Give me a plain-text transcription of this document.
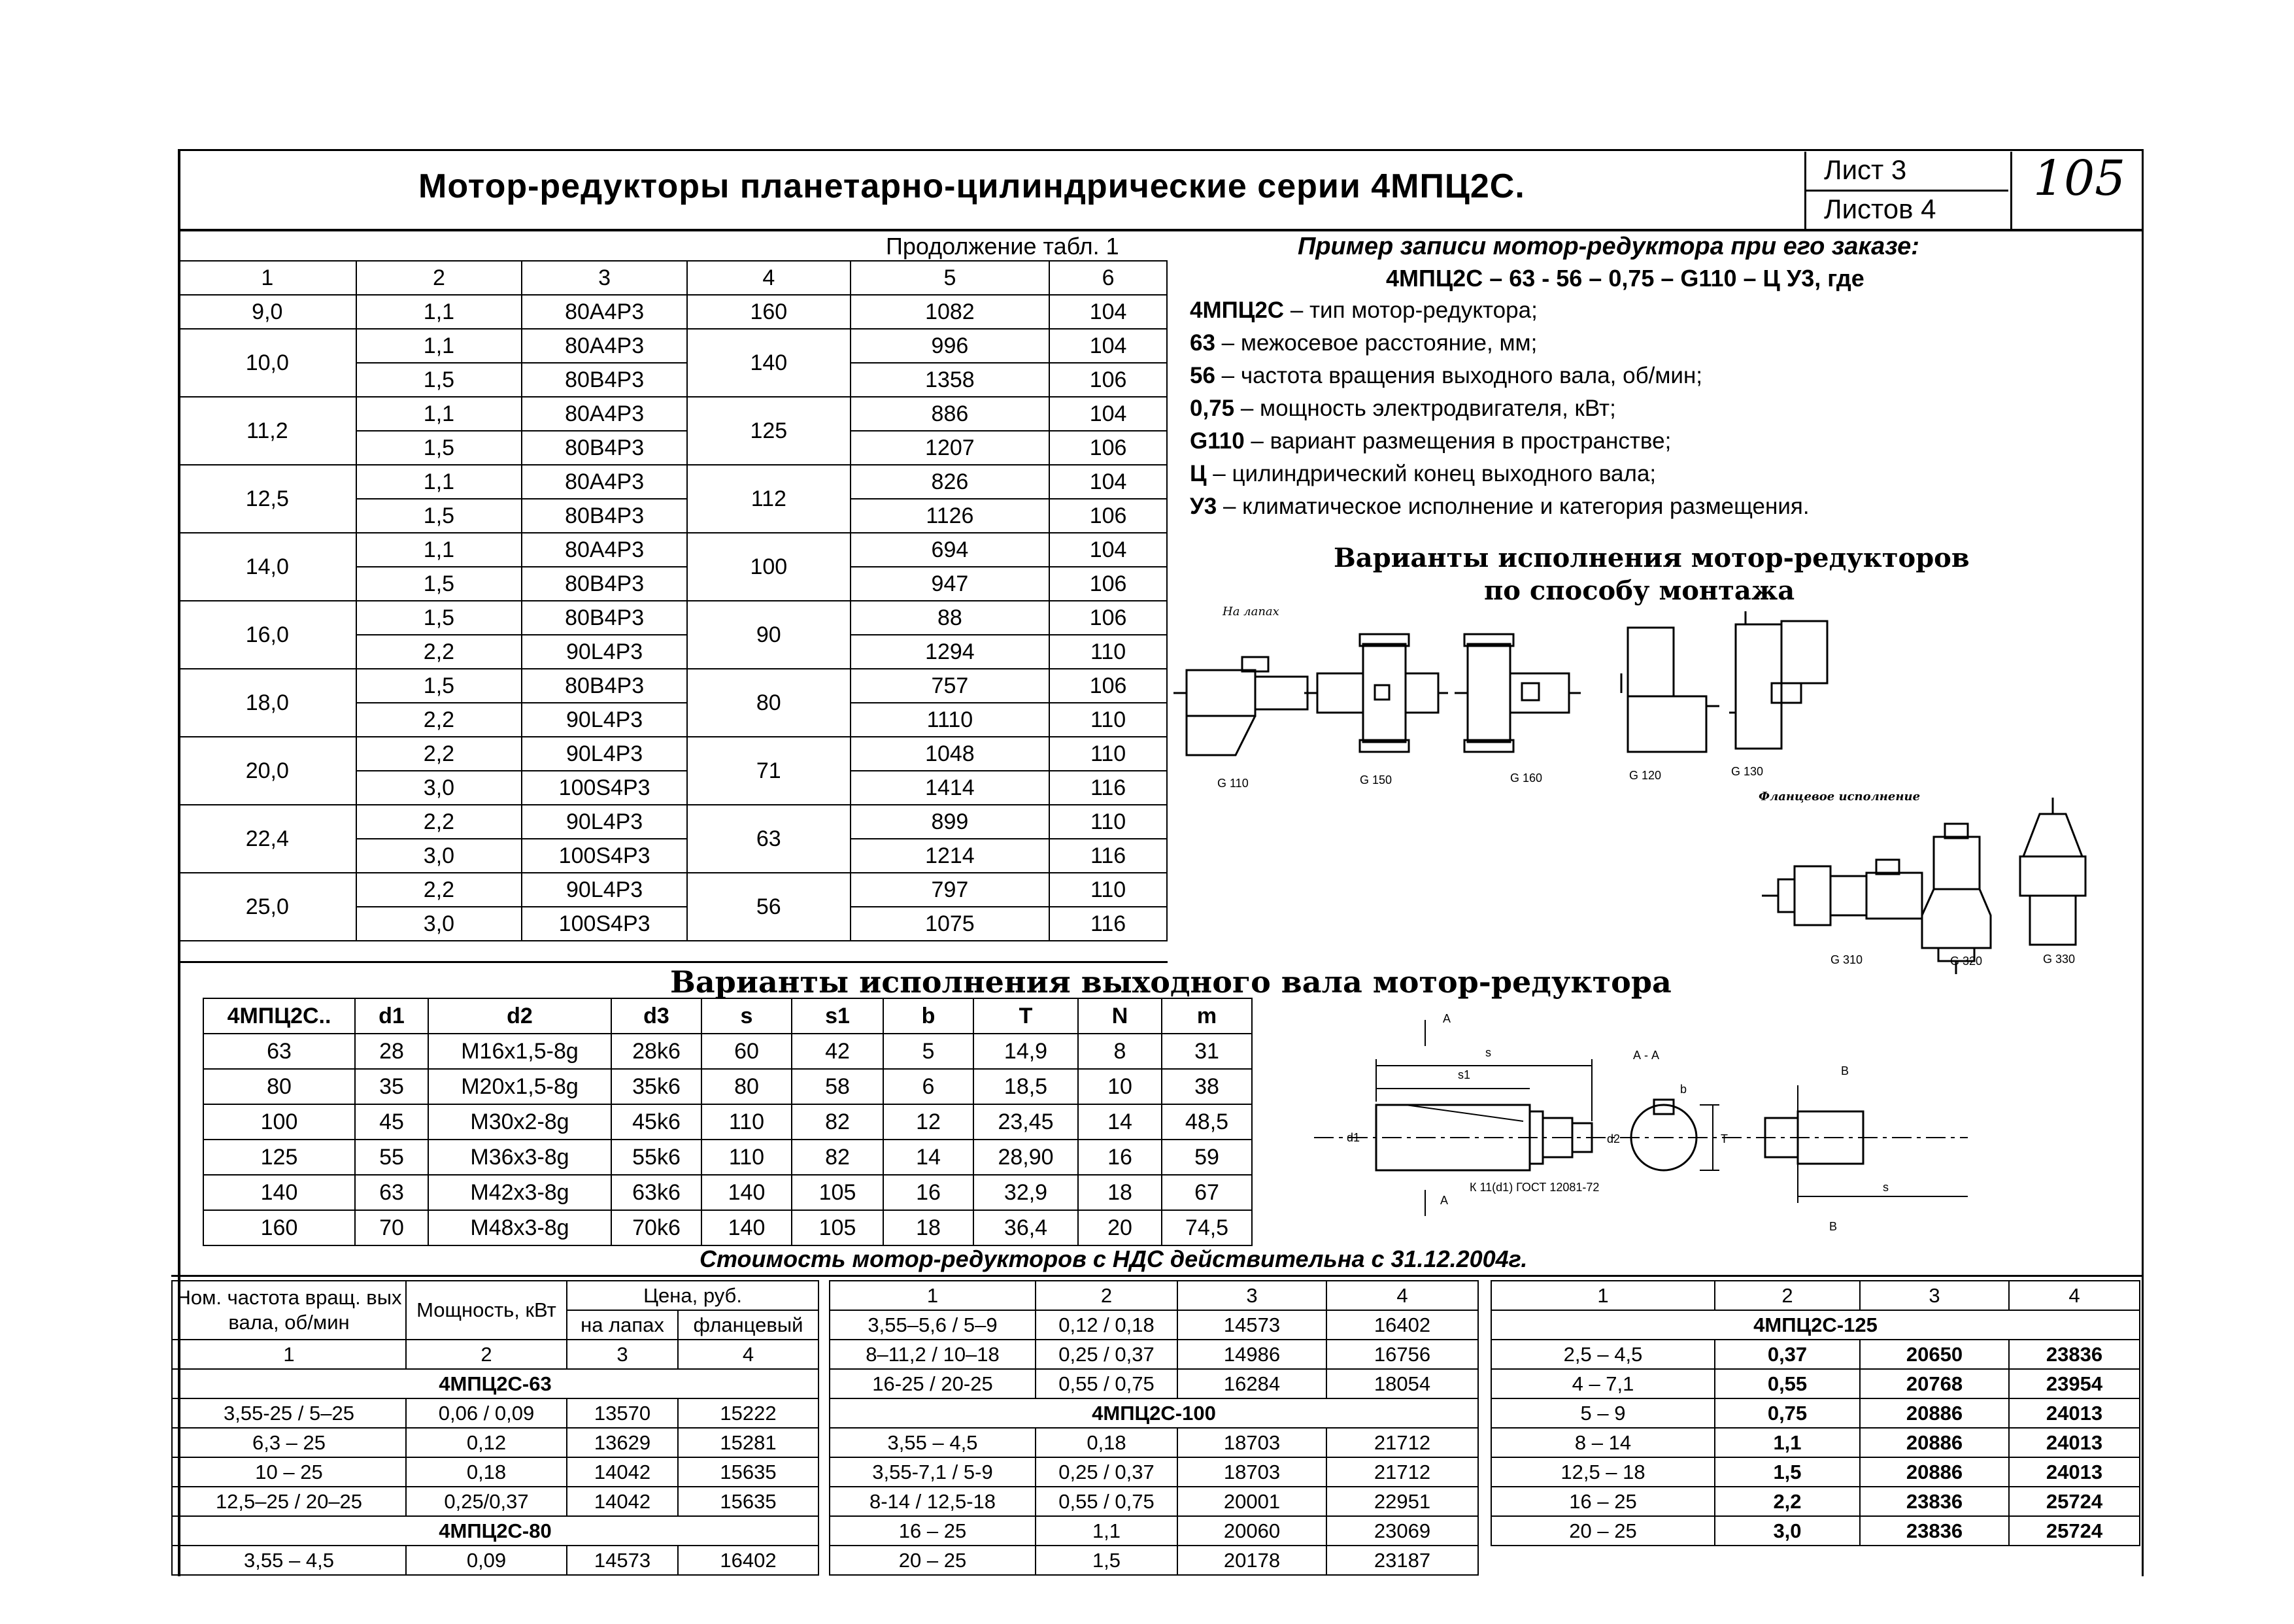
Мотор-редукторы планетарно-цилиндрические серии 4МПЦ2С.	Лист 3
Листов 4
105
Продолжение табл. 1
1	2	3	4	5	6
9,0	1,1	80А4Р3	160	1082	104
10,0	1,1	80А4Р3	140	996	104
	1,5	80В4Р3		1358	106
11,2	1,1	80А4Р3	125	886	104
	1,5	80В4Р3		1207	106
12,5	1,1	80А4Р3	112	826	104
	1,5	80В4Р3		1126	106
14,0	1,1	80А4Р3	100	694	104
	1,5	80В4Р3		947	106
16,0	1,5	80В4Р3	90	88	106
	2,2	90L4Р3		1294	110
18,0	1,5	80В4Р3	80	757	106
	2,2	90L4Р3		1110	110
20,0	2,2	90L4Р3	71	1048	110
	3,0	100S4Р3		1414	116
22,4	2,2	90L4Р3	63	899	110
	3,0	100S4Р3		1214	116
25,0	2,2	90L4Р3	56	797	110
	3,0	100S4Р3		1075	116
Пример записи мотор-редуктора при его заказе:
4МПЦ2С – 63 - 56 – 0,75 – G110 – Ц У3, где
4МПЦ2С – тип мотор-редуктора;
63 – межосевое расстояние, мм;
56 – частота вращения выходного вала, об/мин;
0,75 – мощность электродвигателя, кВт;
G110 – вариант размещения в пространстве;
Ц – цилиндрический конец выходного вала;
У3 – климатическое исполнение и категория размещения.
Варианты исполнения мотор-редукторов
по способу монтажа
На лапах
Фланцевое исполнение
G 110	G 150	G 160	G 120	G 130
G 310	G 320	G 330
Варианты исполнения выходного вала мотор-редуктора
4МПЦ2С..	d1	d2	d3	s	s1	b	T	N	m
63	28	М16х1,5-8g	28k6	60	42	5	14,9	8	31
80	35	М20х1,5-8g	35k6	80	58	6	18,5	10	38
100	45	М30х2-8g	45k6	110	82	12	23,45	14	48,5
125	55	М36х3-8g	55k6	110	82	14	28,90	16	59
140	63	М42х3-8g	63k6	140	105	16	32,9	18	67
160	70	М48х3-8g	70k6	140	105	18	36,4	20	74,5
А
А
s
s1
d1	d2
А - А
b
T
К 11(d1) ГОСТ 12081-72
В
s
В
Стоимость мотор-редукторов с НДС действительна с 31.12.2004г.
Ном. частота вращ. вых вала, об/мин	Мощность, кВт	Цена, руб.	
		на лапах	фланцевый
1	2	3	4
4МПЦ2С-63			
3,55-25 / 5–25	0,06 / 0,09	13570	15222
6,3 – 25	0,12	13629	15281
10 – 25	0,18	14042	15635
12,5–25 / 20–25	0,25/0,37	14042	15635
4МПЦ2С-80			
3,55 – 4,5	0,09	14573	16402
1	2	3	4
3,55–5,6 / 5–9	0,12 / 0,18	14573	16402
8–11,2 / 10–18	0,25 / 0,37	14986	16756
16-25 / 20-25	0,55 / 0,75	16284	18054
4МПЦ2С-100			
3,55 – 4,5	0,18	18703	21712
3,55-7,1 / 5-9	0,25 / 0,37	18703	21712
8-14 / 12,5-18	0,55 / 0,75	20001	22951
16 – 25	1,1	20060	23069
20 – 25	1,5	20178	23187
1	2	3	4
4МПЦ2С-125			
2,5 – 4,5	0,37	20650	23836
4 – 7,1	0,55	20768	23954
5 – 9	0,75	20886	24013
8 – 14	1,1	20886	24013
12,5 – 18	1,5	20886	24013
16 – 25	2,2	23836	25724
20 – 25	3,0	23836	25724
